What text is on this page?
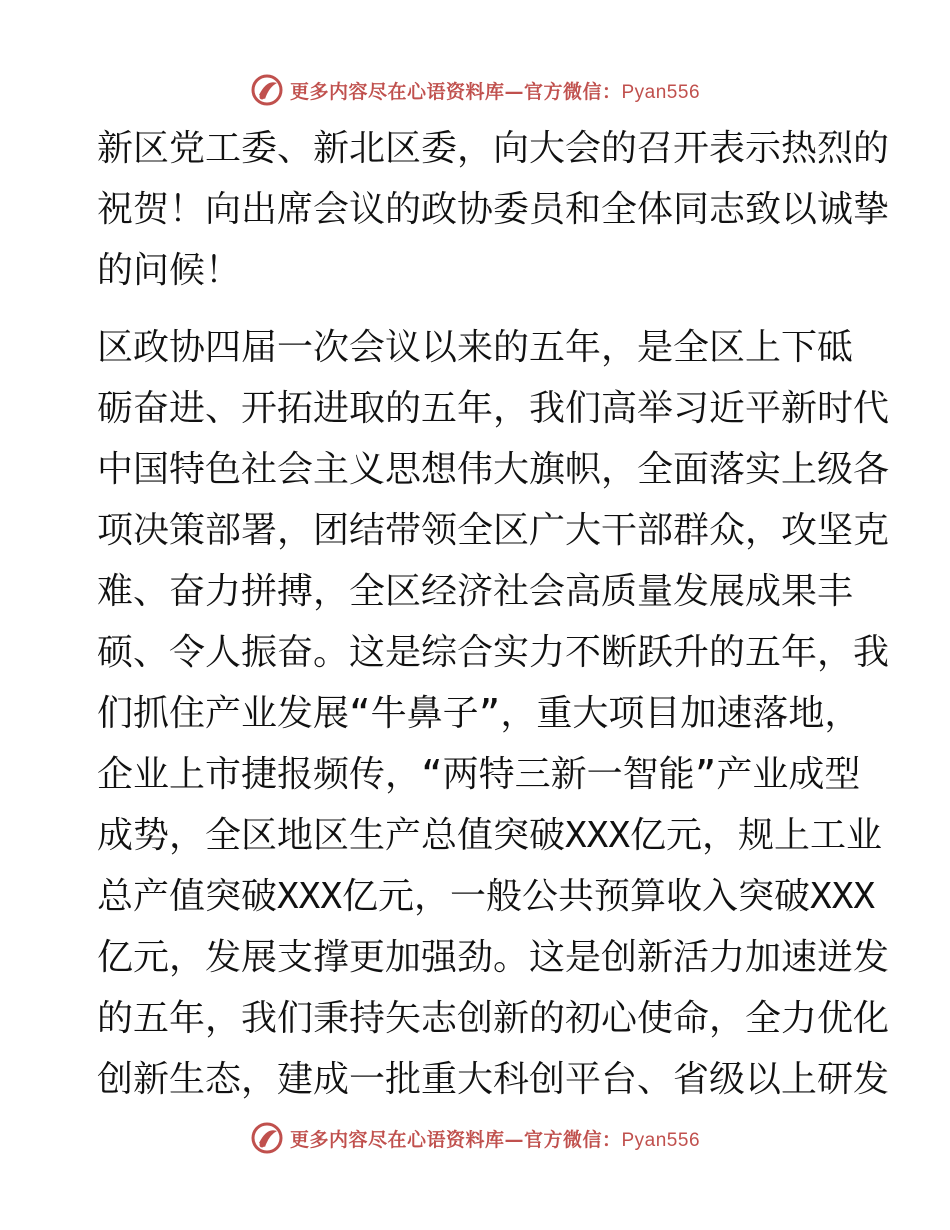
更多内容尽在心语资料库—官方微信：Pyan556
新区党工委、新北区委，向大会的召开表示热烈的
祝贺！向出席会议的政协委员和全体同志致以诚挚
的问候！
区政协四届一次会议以来的五年，是全区上下砥
砺奋进、开拓进取的五年，我们高举习近平新时代
中国特色社会主义思想伟大旗帜，全面落实上级各
项决策部署，团结带领全区广大干部群众，攻坚克
难、奋力拼搏，全区经济社会高质量发展成果丰
硕、令人振奋。这是综合实力不断跃升的五年，我
们抓住产业发展“牛鼻子”，重大项目加速落地，
企业上市捷报频传，“两特三新一智能”产业成型
成势，全区地区生产总值突破XXX亿元，规上工业
总产值突破XXX亿元，一般公共预算收入突破XXX
亿元，发展支撑更加强劲。这是创新活力加速迸发
的五年，我们秉持矢志创新的初心使命，全力优化
创新生态，建成一批重大科创平台、省级以上研发
更多内容尽在心语资料库—官方微信：Pyan556
